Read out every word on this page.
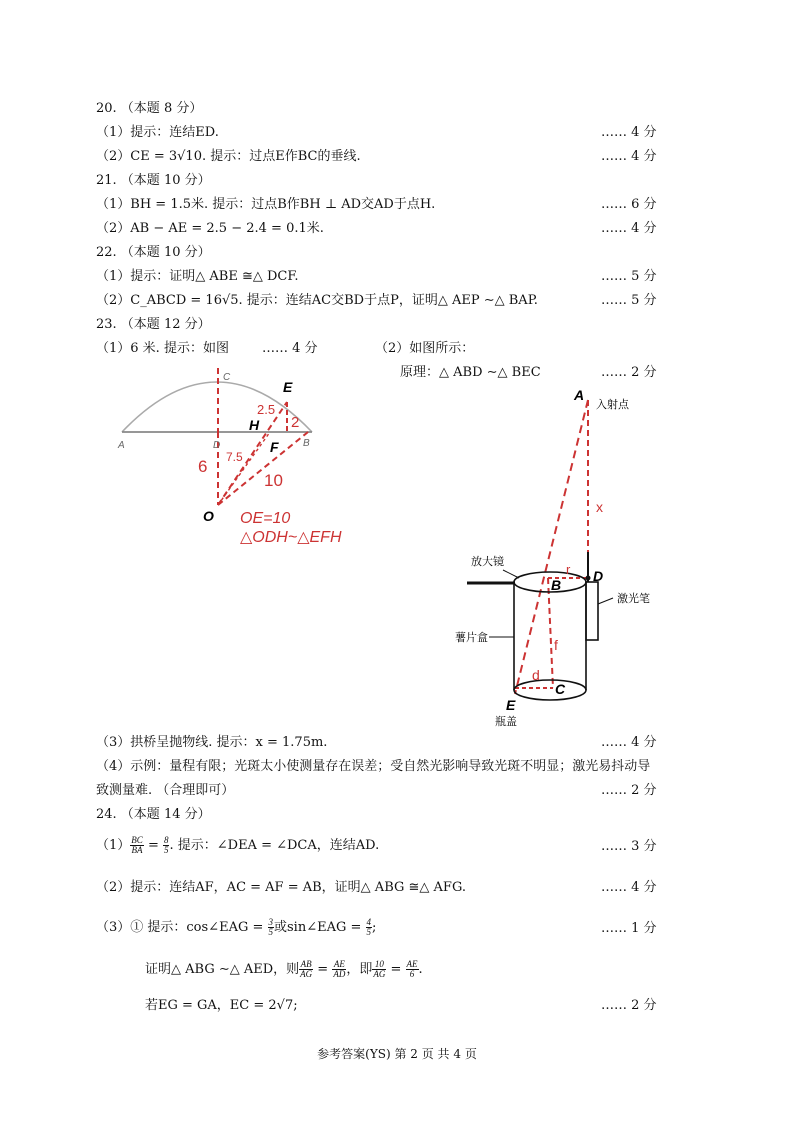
20. （本题 8 分）
（1）提示：连结ED.	…… 4 分
（2）CE = 3√10. 提示：过点E作BC的垂线.	…… 4 分
21. （本题 10 分）
（1）BH = 1.5米. 提示：过点B作BH ⊥ AD交AD于点H.	…… 6 分
（2）AB − AE = 2.5 − 2.4 = 0.1米.	…… 4 分
22. （本题 10 分）
（1）提示：证明△ ABE ≅△ DCF.	…… 5 分
（2）C_ABCD = 16√5. 提示：连结AC交BD于点P，证明△ AEP ∼△ BAP.	…… 5 分
23. （本题 12 分）
（1）6 米. 提示：如图	…… 4 分	（2）如图所示：
原理：△ ABD ∼△ BEC	…… 2 分
A
C
D	B
E
H
F
O
2.5
2
6 7.5
10
OE=10
△ODH~△EFH
A
入射点
x
放大镜
B
r D
激光笔
薯片盒	f
d
C
E
瓶盖
（3）拱桥呈抛物线. 提示：x = 1.75m.	…… 4 分
（4）示例：量程有限；光斑太小使测量存在误差；受自然光影响导致光斑不明显；激光易抖动导
致测量难. （合理即可）	…… 2 分
24. （本题 14 分）
$(1) \frac{BC}{BA} = \frac{8}{5}$ . 提示：∠DEA = ∠DCA，连结AD.	…… 3 分
（2）提示：连结AF，AC = AF = AB，证明△ ABG ≅△ AFG.	…… 4 分
（3）① 提示：cos∠EAG = $\frac{3}{5}$ 或sin∠EAG = $\frac{4}{5}$ ;	…… 1 分
证明△ ABG ∼△ AED，则 $\frac{AB}{AG} = \frac{AE}{AD}$ ，即 $\frac{10}{AG} = \frac{AE}{6}$ .
若EG = GA，EC = 2√7;	…… 2 分
参考答案(YS) 第 2 页 共 4 页
